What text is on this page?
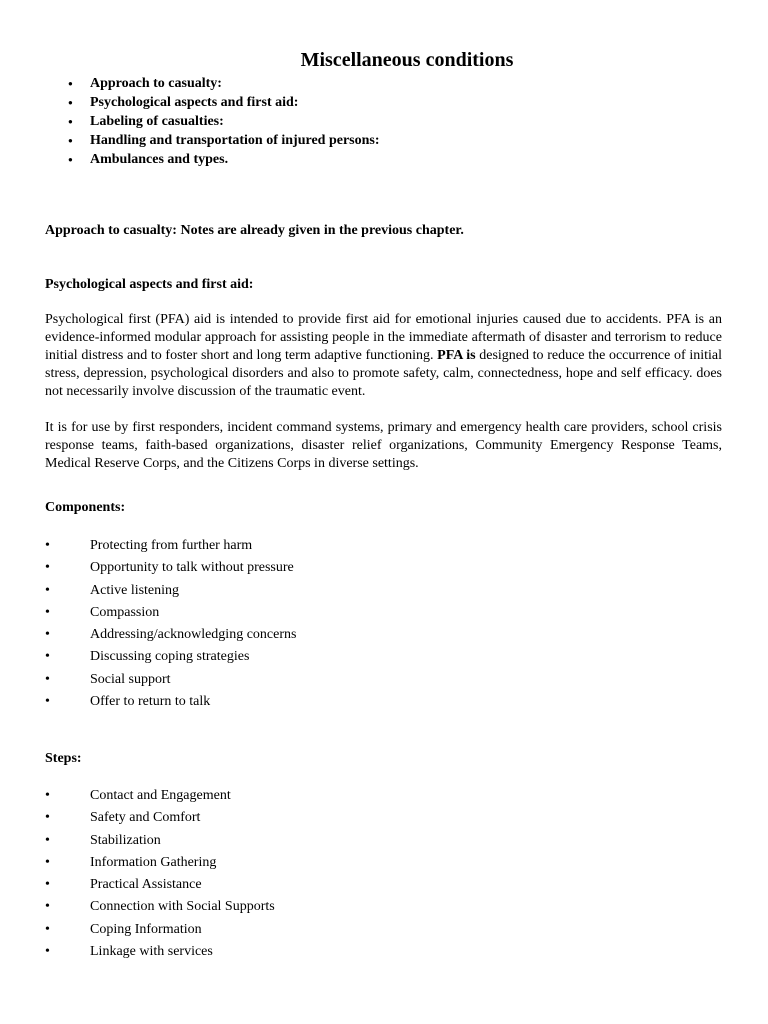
Miscellaneous conditions
● Approach to casualty:
● Psychological aspects and first aid:
● Labeling of casualties:
● Handling and transportation of injured persons:
● Ambulances and types.
Approach to casualty: Notes are already given in the previous chapter.
Psychological aspects and first aid:
Psychological first (PFA) aid is intended to provide first aid for emotional injuries caused due to accidents. PFA is an evidence-informed modular approach for assisting people in the immediate aftermath of disaster and terrorism to reduce initial distress and to foster short and long term adaptive functioning. PFA is designed to reduce the occurrence of initial stress, depression, psychological disorders and also to promote safety, calm, connectedness, hope and self efficacy. does not necessarily involve discussion of the traumatic event.
It is for use by first responders, incident command systems, primary and emergency health care providers, school crisis response teams, faith-based organizations, disaster relief organizations, Community Emergency Response Teams, Medical Reserve Corps, and the Citizens Corps in diverse settings.
Components:
• Protecting from further harm
• Opportunity to talk without pressure
• Active listening
• Compassion
• Addressing/acknowledging concerns
• Discussing coping strategies
• Social support
• Offer to return to talk
Steps:
• Contact and Engagement
• Safety and Comfort
• Stabilization
• Information Gathering
• Practical Assistance
• Connection with Social Supports
• Coping Information
• Linkage with services
